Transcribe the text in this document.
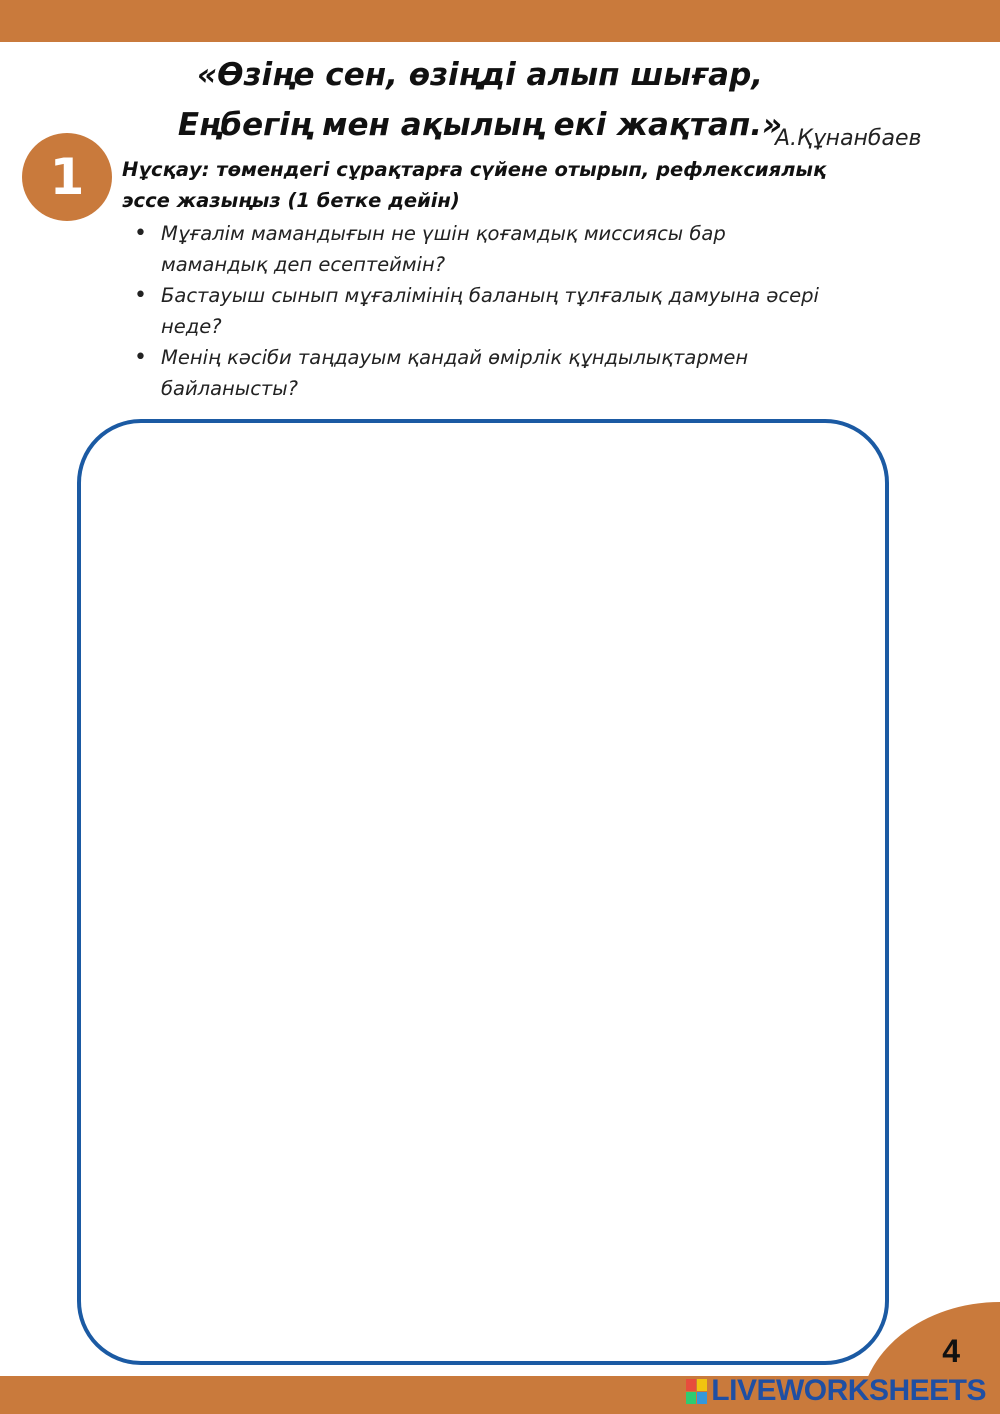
«Өзіңе сен, өзіңді алып шығар,
Еңбегің мен ақылың екі жақтап.»
А.Құнанбаев
1	Нұсқау: төмендегі сұрақтарға сүйене отырып, рефлексиялық эссе жазыңыз (1 бетке дейін)
• Мұғалім мамандығын не үшін қоғамдық миссиясы бар мамандық деп есептеймін?
• Бастауыш сынып мұғалімінің баланың тұлғалық дамуына әсері неде?
• Менің кәсіби таңдауым қандай өмірлік құндылықтармен байланысты?
4
LIVEWORKSHEETS
